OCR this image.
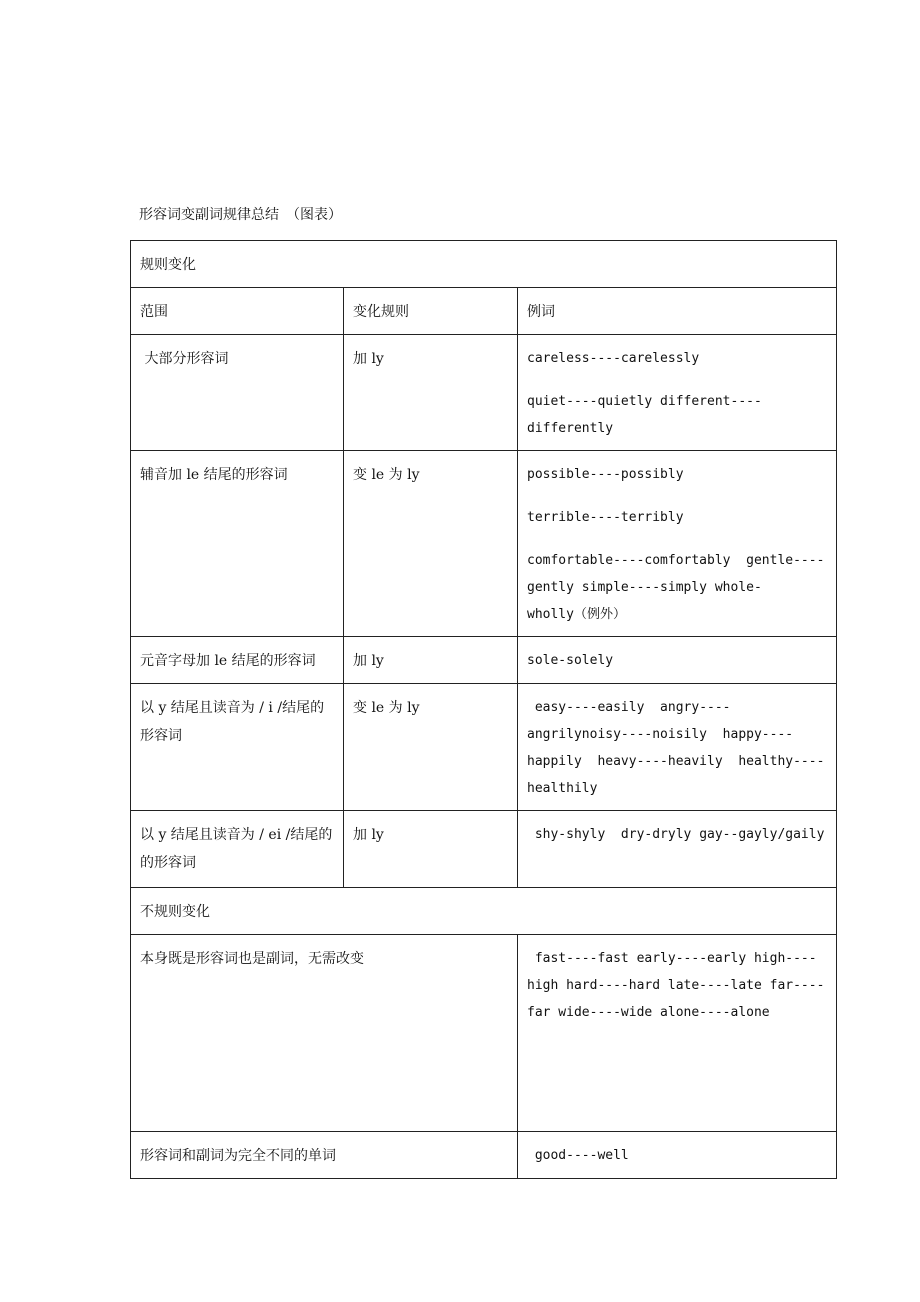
形容词变副词规律总结　（图表）
规则变化		
范围	变化规则	例词
大部分形容词	加 ly	careless----carelessly

quiet----quietly different----
differently

辅音加 le 结尾的形容词	变 le 为 ly	possible----possibly

terrible----terribly

comfortable----comfortably  gentle----
gently simple----simply whole-
wholly（例外）

元音字母加 le 结尾的形容词	加 ly	sole-solely

以 y 结尾且读音为 / i /结尾的形容词	变 le 为 ly	easy----easily  angry----
angrilynoisy----noisily  happy----
happily  heavy----heavily  healthy----
healthily

以 y 结尾且读音为 / ei /结尾的的形容词	加 ly	shy-shyly  dry-dryly gay--gayly/gaily

不规则变化		
本身既是形容词也是副词，无需改变		fast----fast early----early high----
high hard----hard late----late far----
far wide----wide alone----alone

形容词和副词为完全不同的单词		good----well
